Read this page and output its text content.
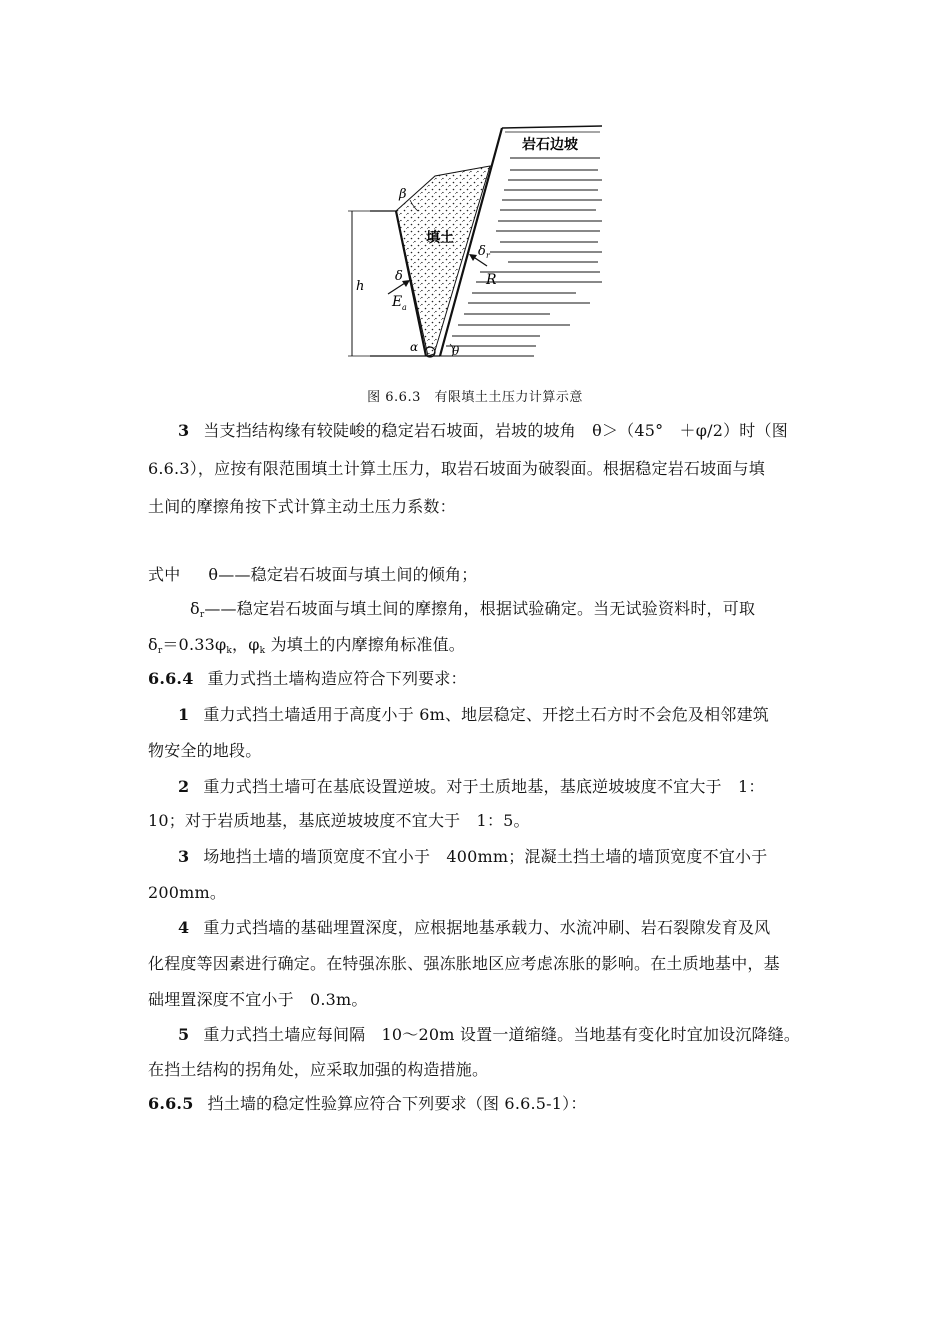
岩石边坡
填土
β
δ
E a
δ r
R
h
α	θ
图 6.6.3　有限填土土压力计算示意
3 当支挡结构缘有较陡峻的稳定岩石坡面，岩坡的坡角　θ＞（45°　＋φ/2）时（图
6.6.3），应按有限范围填土计算土压力，取岩石坡面为破裂面。根据稳定岩石坡面与填
土间的摩擦角按下式计算主动土压力系数：
式中 θ——稳定岩石坡面与填土间的倾角；
$\delta_r——$稳定岩石坡面与填土间的摩擦角，根据试验确定。当无试验资料时，可取
$\delta_r=0.33\varphi_k$，$\varphi_k$ 为填土的内摩擦角标准值。
6.6.4 重力式挡土墙构造应符合下列要求：
1 重力式挡土墙适用于高度小于 6m、地层稳定、开挖土石方时不会危及相邻建筑
物安全的地段。
2 重力式挡土墙可在基底设置逆坡。对于土质地基，基底逆坡坡度不宜大于　1：
10；对于岩质地基，基底逆坡坡度不宜大于　1：5。
3 场地挡土墙的墙顶宽度不宜小于　400mm；混凝土挡土墙的墙顶宽度不宜小于
200mm。
4 重力式挡墙的基础埋置深度，应根据地基承载力、水流冲刷、岩石裂隙发育及风
化程度等因素进行确定。在特强冻胀、强冻胀地区应考虑冻胀的影响。在土质地基中，基
础埋置深度不宜小于　0.3m。
5 重力式挡土墙应每间隔　10～20m 设置一道缩缝。当地基有变化时宜加设沉降缝。
在挡土结构的拐角处，应采取加强的构造措施。
6.6.5 挡土墙的稳定性验算应符合下列要求（图 6.6.5-1）：
